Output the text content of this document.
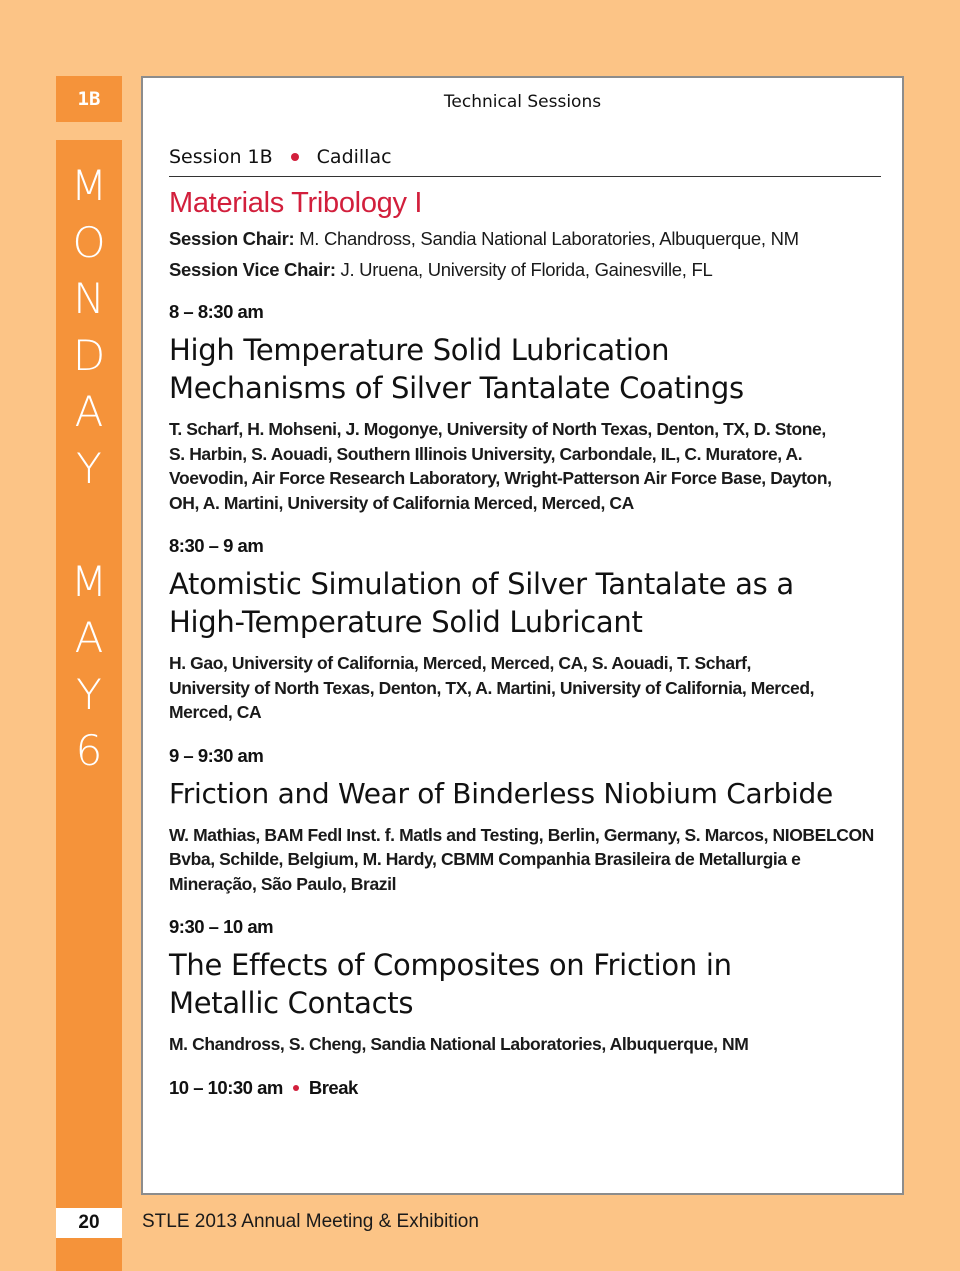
1B
M
O
N
D
A
Y
M
A
Y
6
20	STLE 2013 Annual Meeting & Exhibition
Technical Sessions
Session 1B Cadillac
Materials Tribology I
Session Chair: M. Chandross, Sandia National Laboratories, Albuquerque, NM
Session Vice Chair: J. Uruena, University of Florida, Gainesville, FL
8 – 8:30 am
High Temperature Solid Lubrication Mechanisms of Silver Tantalate Coatings
T. Scharf, H. Mohseni, J. Mogonye, University of North Texas, Denton, TX, D. Stone, S. Harbin, S. Aouadi, Southern Illinois University, Carbondale, IL, C. Muratore, A. Voevodin, Air Force Research Laboratory, Wright-Patterson Air Force Base, Dayton, OH, A. Martini, University of California Merced, Merced, CA
8:30 – 9 am
Atomistic Simulation of Silver Tantalate as a High-Temperature Solid Lubricant
H. Gao, University of California, Merced, Merced, CA, S. Aouadi, T. Scharf, University of North Texas, Denton, TX, A. Martini, University of California, Merced, Merced, CA
9 – 9:30 am
Friction and Wear of Binderless Niobium Carbide
W. Mathias, BAM Fedl Inst. f. Matls and Testing, Berlin, Germany, S. Marcos, NIOBELCON Bvba, Schilde, Belgium, M. Hardy, CBMM Companhia Brasileira de Metallurgia e Mineração, São Paulo, Brazil
9:30 – 10 am
The Effects of Composites on Friction in Metallic Contacts
M. Chandross, S. Cheng, Sandia National Laboratories, Albuquerque, NM
10 – 10:30 am Break
